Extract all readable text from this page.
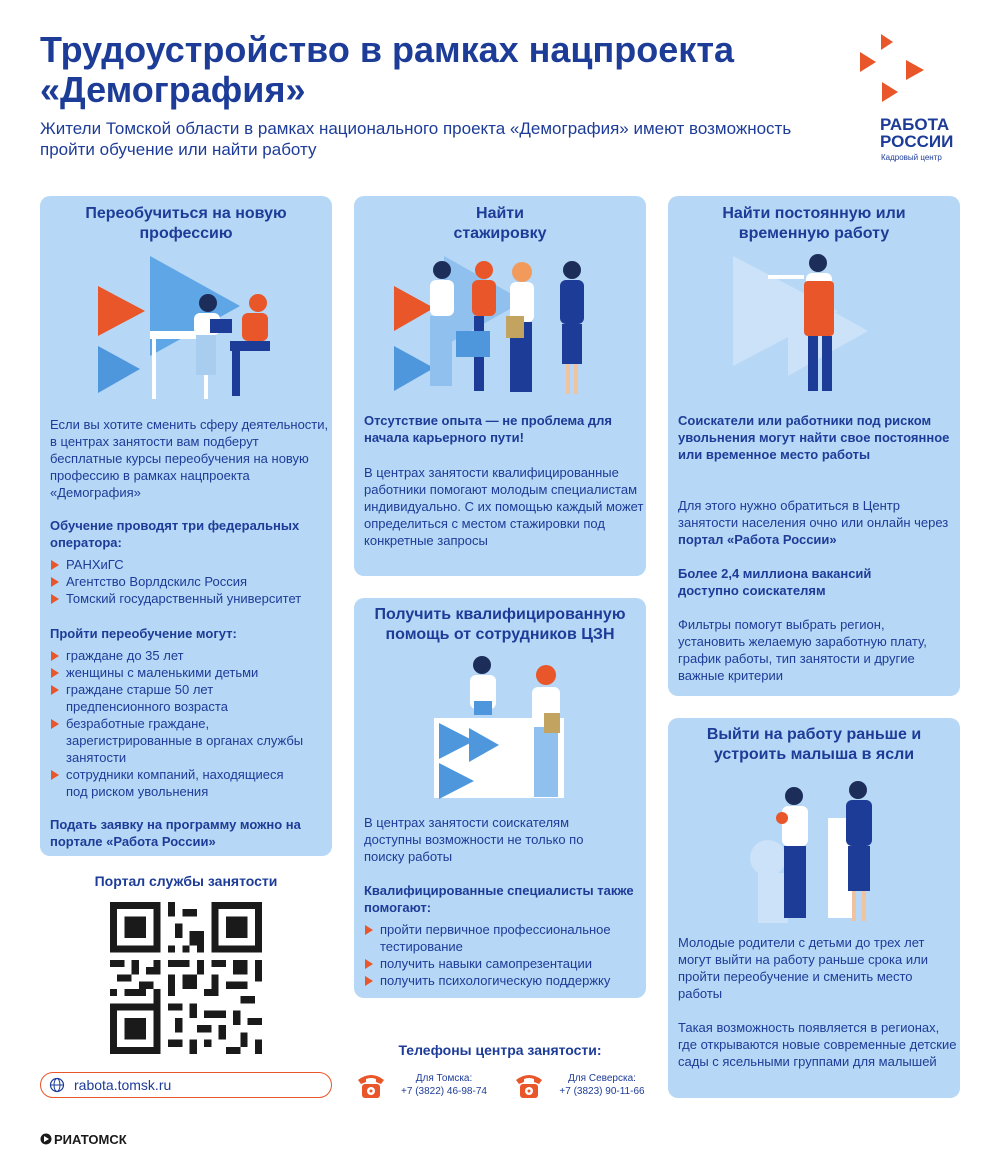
Трудоустройство в рамках нацпроекта «Демография»
Жители Томской области в рамках национального проекта «Демография» имеют возможность пройти обучение или найти работу
РАБОТА
РОССИИ
Кадровый центр
Переобучиться на новую профессию
Если вы хотите сменить сферу деятельности, в центрах занятости вам подберут бесплатные курсы переобучения на новую профессию в рамках нацпроекта «Демография»
Обучение проводят три федеральных оператора:
РАНХиГС
Агентство Ворлдскилс Россия
Томский государственный университет
Пройти переобучение могут:
граждане до 35 лет
женщины с маленькими детьми
граждане старше 50 лет предпенсионного возраста
безработные граждане, зарегистрированные в органах службы занятости
сотрудники компаний, находящиеся под риском увольнения
Подать заявку на программу можно на портале «Работа России»
Найти стажировку
Отсутствие опыта — не проблема для начала карьерного пути!
В центрах занятости квалифицированные работники помогают молодым специалистам индивидуально. С их помощью каждый может определиться с местом стажировки под конкретные запросы
Найти постоянную или временную работу
Соискатели или работники под риском увольнения могут найти свое постоянное или временное место работы
Для этого нужно обратиться в Центр занятости населения очно или онлайн через портал «Работа России»
Более 2,4 миллиона вакансий доступно соискателям
Фильтры помогут выбрать регион, установить желаемую заработную плату, график работы, тип занятости и другие важные критерии
Получить квалифицированную помощь от сотрудников ЦЗН
В центрах занятости соискателям доступны возможности не только по поиску работы
Квалифицированные специалисты также помогают:
пройти первичное профессиональное тестирование
получить навыки самопрезентации
получить психологическую поддержку
Выйти на работу раньше и устроить малыша в ясли
Молодые родители с детьми до трех лет могут выйти на работу раньше срока или пройти переобучение и сменить место работы
Такая возможность появляется в регионах, где открываются новые современные детские сады с ясельными группами для малышей
Портал службы занятости
rabota.tomsk.ru
Телефоны центра занятости:
Для Томска:
+7 (3822) 46-98-74
Для Северска:
+7 (3823) 90-11-66
РИАТОМСК
